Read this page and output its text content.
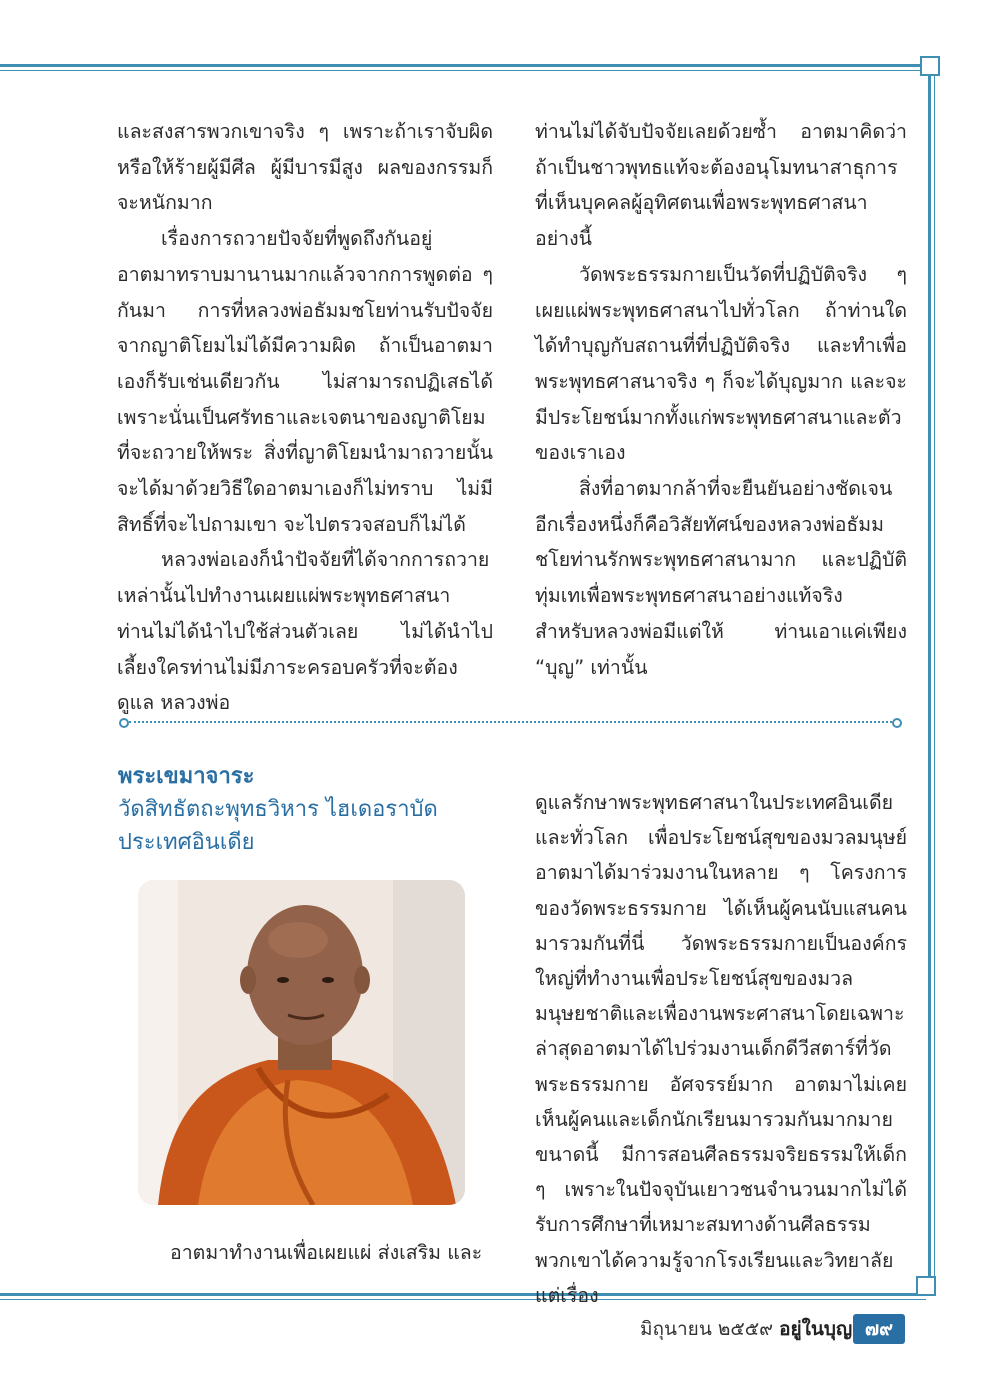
และสงสารพวกเขาจริง ๆ เพราะถ้าเราจับผิดหรือให้ร้ายผู้มีศีล ผู้มีบารมีสูง ผลของกรรมก็จะหนักมาก

เรื่องการถวายปัจจัยที่พูดถึงกันอยู่ อาตมาทราบมานานมากแล้วจากการพูดต่อ ๆ กันมา การที่หลวงพ่อธัมมชโยท่านรับปัจจัยจากญาติโยมไม่ได้มีความผิด ถ้าเป็นอาตมาเองก็รับเช่นเดียวกัน ไม่สามารถปฏิเสธได้ เพราะนั่นเป็นศรัทธาและเจตนาของญาติโยมที่จะถวายให้พระ สิ่งที่ญาติโยมนำมาถวายนั้นจะได้มาด้วยวิธีใดอาตมาเองก็ไม่ทราบ ไม่มีสิทธิ์ที่จะไปถามเขา จะไปตรวจสอบก็ไม่ได้

หลวงพ่อเองก็นำปัจจัยที่ได้จากการถวายเหล่านั้นไปทำงานเผยแผ่พระพุทธศาสนา ท่านไม่ได้นำไปใช้ส่วนตัวเลย ไม่ได้นำไปเลี้ยงใครท่านไม่มีภาระครอบครัวที่จะต้องดูแล หลวงพ่อ

ท่านไม่ได้จับปัจจัยเลยด้วยซ้ำ อาตมาคิดว่าถ้าเป็นชาวพุทธแท้จะต้องอนุโมทนาสาธุการที่เห็นบุคคลผู้อุทิศตนเพื่อพระพุทธศาสนาอย่างนี้

วัดพระธรรมกายเป็นวัดที่ปฏิบัติจริง ๆ เผยแผ่พระพุทธศาสนาไปทั่วโลก ถ้าท่านใดได้ทำบุญกับสถานที่ที่ปฏิบัติจริง และทำเพื่อพระพุทธศาสนาจริง ๆ ก็จะได้บุญมาก และจะมีประโยชน์มากทั้งแก่พระพุทธศาสนาและตัวของเราเอง

สิ่งที่อาตมากล้าที่จะยืนยันอย่างชัดเจนอีกเรื่องหนึ่งก็คือวิสัยทัศน์ของหลวงพ่อธัมมชโยท่านรักพระพุทธศาสนามาก และปฏิบัติทุ่มเทเพื่อพระพุทธศาสนาอย่างแท้จริง สำหรับหลวงพ่อมีแต่ให้ ท่านเอาแค่เพียง “บุญ” เท่านั้น

พระเขมาจาระ
วัดสิทธัตถะพุทธวิหาร ไฮเดอราบัด
ประเทศอินเดีย

อาตมาทำงานเพื่อเผยแผ่ ส่งเสริม และ

ดูแลรักษาพระพุทธศาสนาในประเทศอินเดียและทั่วโลก เพื่อประโยชน์สุขของมวลมนุษย์ อาตมาได้มาร่วมงานในหลาย ๆ โครงการของวัดพระธรรมกาย ได้เห็นผู้คนนับแสนคนมารวมกันที่นี่ วัดพระธรรมกายเป็นองค์กรใหญ่ที่ทำงานเพื่อประโยชน์สุขของมวลมนุษยชาติและเพื่องานพระศาสนาโดยเฉพาะ ล่าสุดอาตมาได้ไปร่วมงานเด็กดีวีสตาร์ที่วัดพระธรรมกาย อัศจรรย์มาก อาตมาไม่เคยเห็นผู้คนและเด็กนักเรียนมารวมกันมากมายขนาดนี้ มีการสอนศีลธรรมจริยธรรมให้เด็ก ๆ เพราะในปัจจุบันเยาวชนจำนวนมากไม่ได้รับการศึกษาที่เหมาะสมทางด้านศีลธรรม พวกเขาได้ความรู้จากโรงเรียนและวิทยาลัย แต่เรื่อง

มิถุนายน ๒๕๕๙ อยู่ในบุญ ๗๙
